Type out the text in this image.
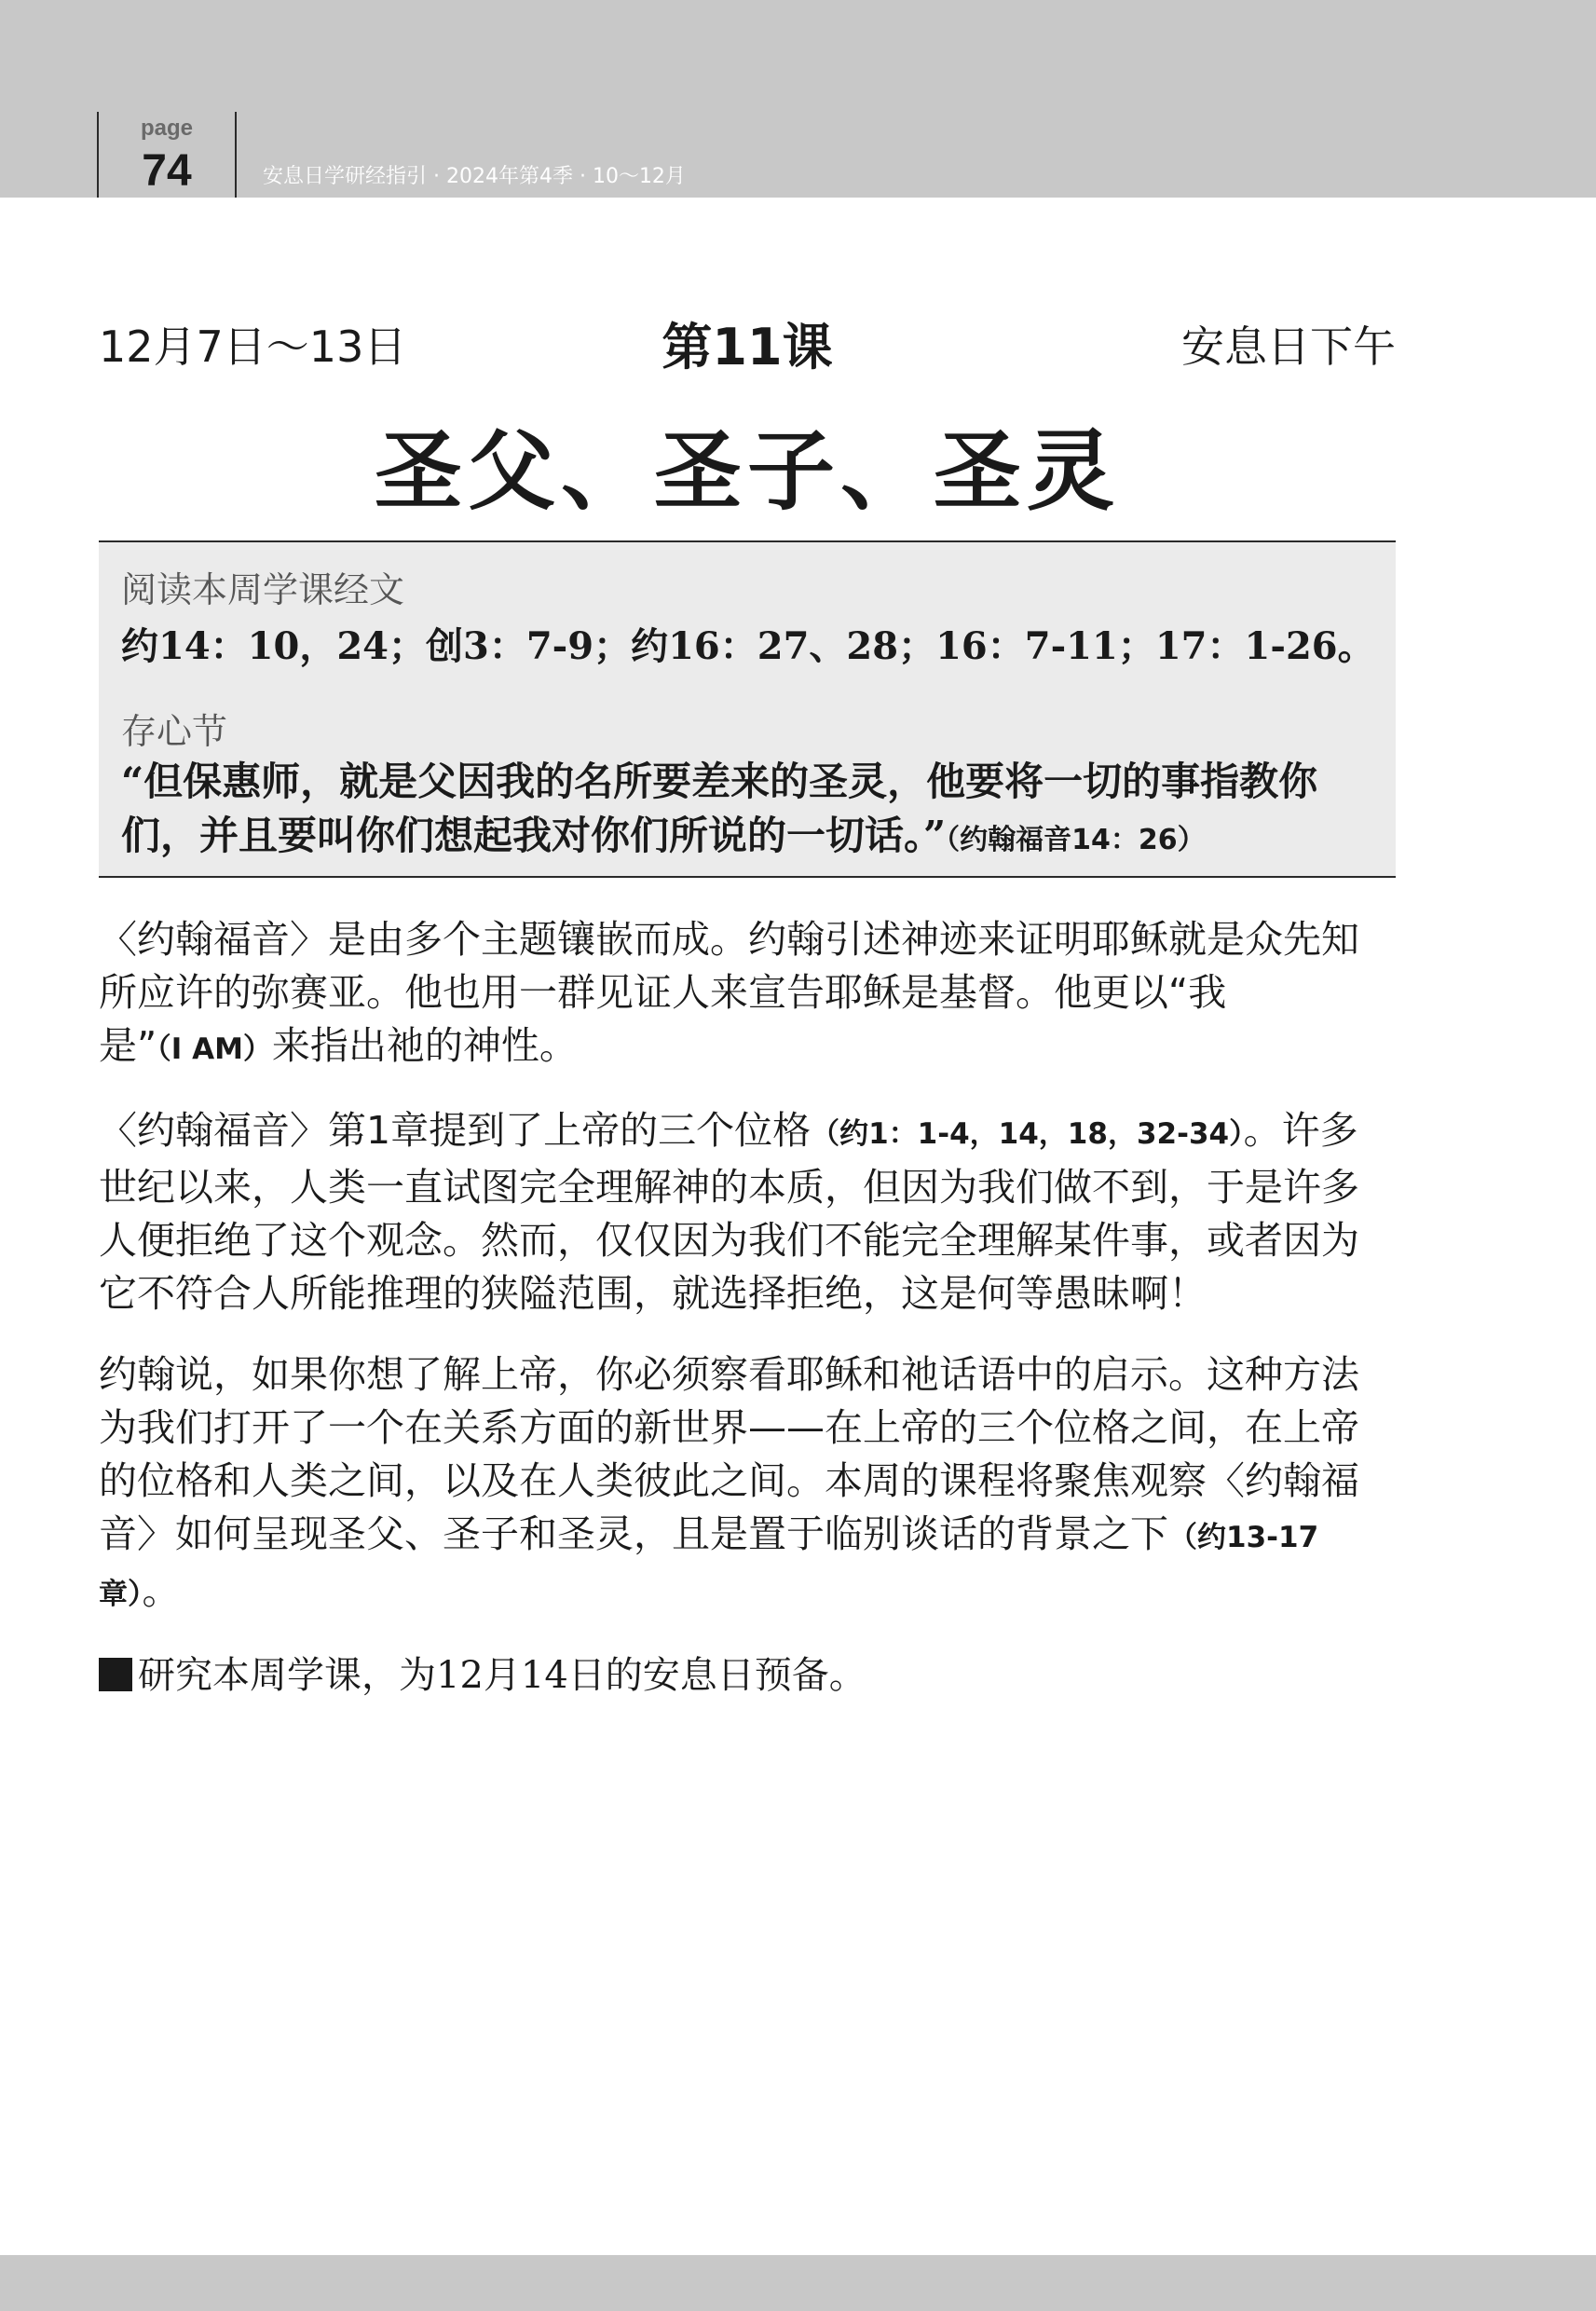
page
74	安息日学研经指引 · 2024年第4季 · 10～12月
12月7日～13日	第11课	安息日下午
圣父、圣子、圣灵
阅读本周学课经文
约14：10，24；创3：7-9；约16：27、28；16：7-11；17：1-26。
存心节
“但保惠师，就是父因我的名所要差来的圣灵，他要将一切的事指教你们，并且要叫你们想起我对你们所说的一切话。”（约翰福音14：26）

〈约翰福音〉是由多个主题镶嵌而成。约翰引述神迹来证明耶稣就是众先知所应许的弥赛亚。他也用一群见证人来宣告耶稣是基督。他更以“我是”（I AM）来指出祂的神性。

〈约翰福音〉第1章提到了上帝的三个位格（约1：1-4，14，18，32-34）。许多世纪以来，人类一直试图完全理解神的本质，但因为我们做不到，于是许多人便拒绝了这个观念。然而，仅仅因为我们不能完全理解某件事，或者因为它不符合人所能推理的狭隘范围，就选择拒绝，这是何等愚昧啊！

约翰说，如果你想了解上帝，你必须察看耶稣和祂话语中的启示。这种方法为我们打开了一个在关系方面的新世界——在上帝的三个位格之间，在上帝的位格和人类之间，以及在人类彼此之间。本周的课程将聚焦观察〈约翰福音〉如何呈现圣父、圣子和圣灵，且是置于临别谈话的背景之下（约13-17章）。

研究本周学课，为12月14日的安息日预备。
